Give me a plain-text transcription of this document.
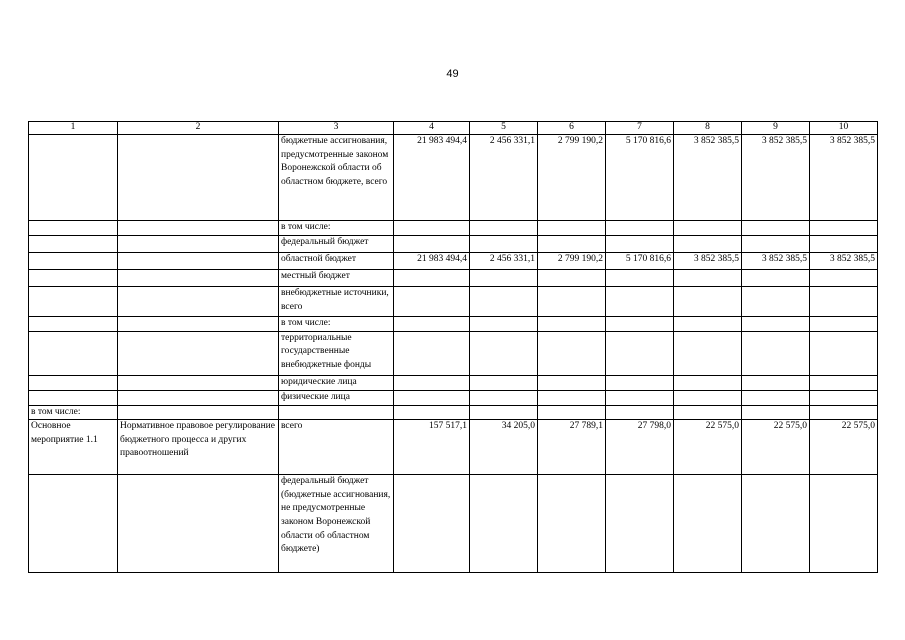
49
1	2	3	4	5	6	7	8	9	10
		бюджетные ассигнования, предусмотренные законом Воронежской области об областном бюджете, всего	21 983 494,4	2 456 331,1	2 799 190,2	5 170 816,6	3 852 385,5	3 852 385,5	3 852 385,5
		в том числе:							
		федеральный бюджет							
		областной бюджет	21 983 494,4	2 456 331,1	2 799 190,2	5 170 816,6	3 852 385,5	3 852 385,5	3 852 385,5
		местный бюджет							
		внебюджетные источники, всего							
		в том числе:							
		территориальные государственные внебюджетные фонды							
		юридические лица							
		физические лица							
в том числе:									
Основное мероприятие 1.1	Нормативное правовое регулирование бюджетного процесса и других правоотношений	всего	157 517,1	34 205,0	27 789,1	27 798,0	22 575,0	22 575,0	22 575,0
		федеральный бюджет (бюджетные ассигнования, не предусмотренные законом Воронежской области об областном бюджете)							
